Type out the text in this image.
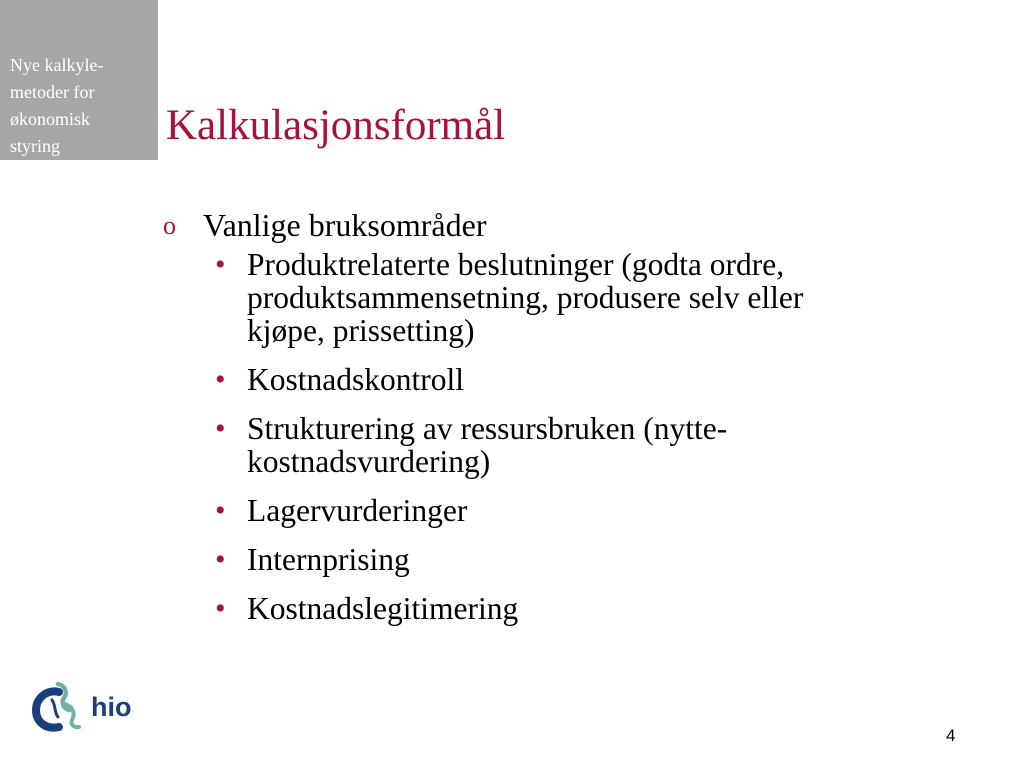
Nye kalkyle-
metoder for
økonomisk
styring	Kalkulasjonsformål
o Vanlige bruksområder
• Produktrelaterte beslutninger (godta ordre,
produktsammensetning, produsere selv eller
kjøpe, prissetting)
• Kostnadskontroll
• Strukturering av ressursbruken (nytte-
kostnadsvurdering)
• Lagervurderinger
• Internprising
• Kostnadslegitimering
hio
4
